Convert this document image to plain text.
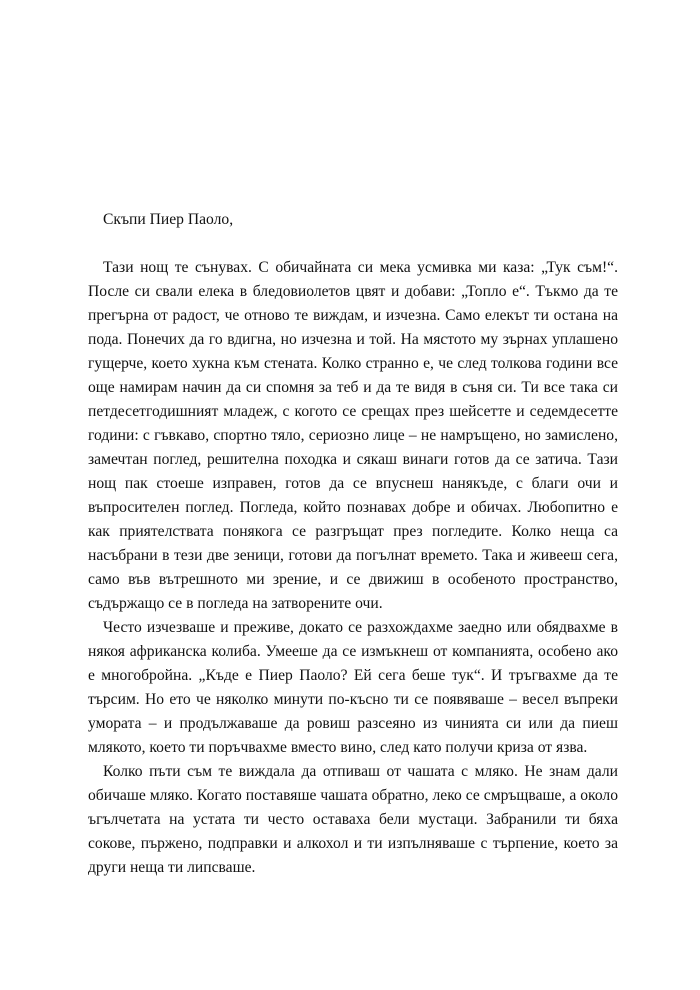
Скъпи Пиер Паоло,

Тази нощ те сънувах. С обичайната си мека усмивка ми каза: „Тук съм!“. После си свали елека в бледовиолетов цвят и добави: „Топло е“. Тъкмо да те прегърна от радост, че отново те виждам, и изчезна. Само елекът ти остана на пода. Понечих да го вдигна, но изчезна и той. На мястото му зърнах уплашено гущерче, което хукна към стената. Колко странно е, че след толкова години все още намирам начин да си спомня за теб и да те видя в съня си. Ти все така си петдесетгодишният младеж, с когото се срещах през шейсетте и седемдесетте години: с гъвкаво, спортно тяло, сериозно лице – не намръщено, но замислено, замечтан поглед, решителна походка и сякаш винаги готов да се затича. Тази нощ пак стоеше изправен, готов да се впуснеш нанякъде, с благи очи и въпросителен поглед. Погледа, който познавах добре и обичах. Любопитно е как приятелствата понякога се разгръщат през погледите. Колко неща са насъбрани в тези две зеници, готови да погълнат времето. Така и живееш сега, само във вътрешното ми зрение, и се движиш в особеното пространство, съдържащо се в погледа на затворените очи.

Често изчезваше и преживе, докато се разхождахме заедно или обядвахме в някоя африканска колиба. Умееше да се измъкнеш от компанията, особено ако е многобройна. „Къде е Пиер Паоло? Ей сега беше тук“. И тръгвахме да те търсим. Но ето че няколко минути по-късно ти се появяваше – весел въпреки умората – и продължаваше да ровиш разсеяно из чинията си или да пиеш млякото, което ти поръчвахме вместо вино, след като получи криза от язва.

Колко пъти съм те виждала да отпиваш от чашата с мляко. Не знам дали обичаше мляко. Когато поставяше чашата обратно, леко се смръщваше, а около ъгълчетата на устата ти често оставаха бели мустаци. Забранили ти бяха сокове, пържено, подправки и алкохол и ти изпълняваше с търпение, което за други неща ти липсваше.
